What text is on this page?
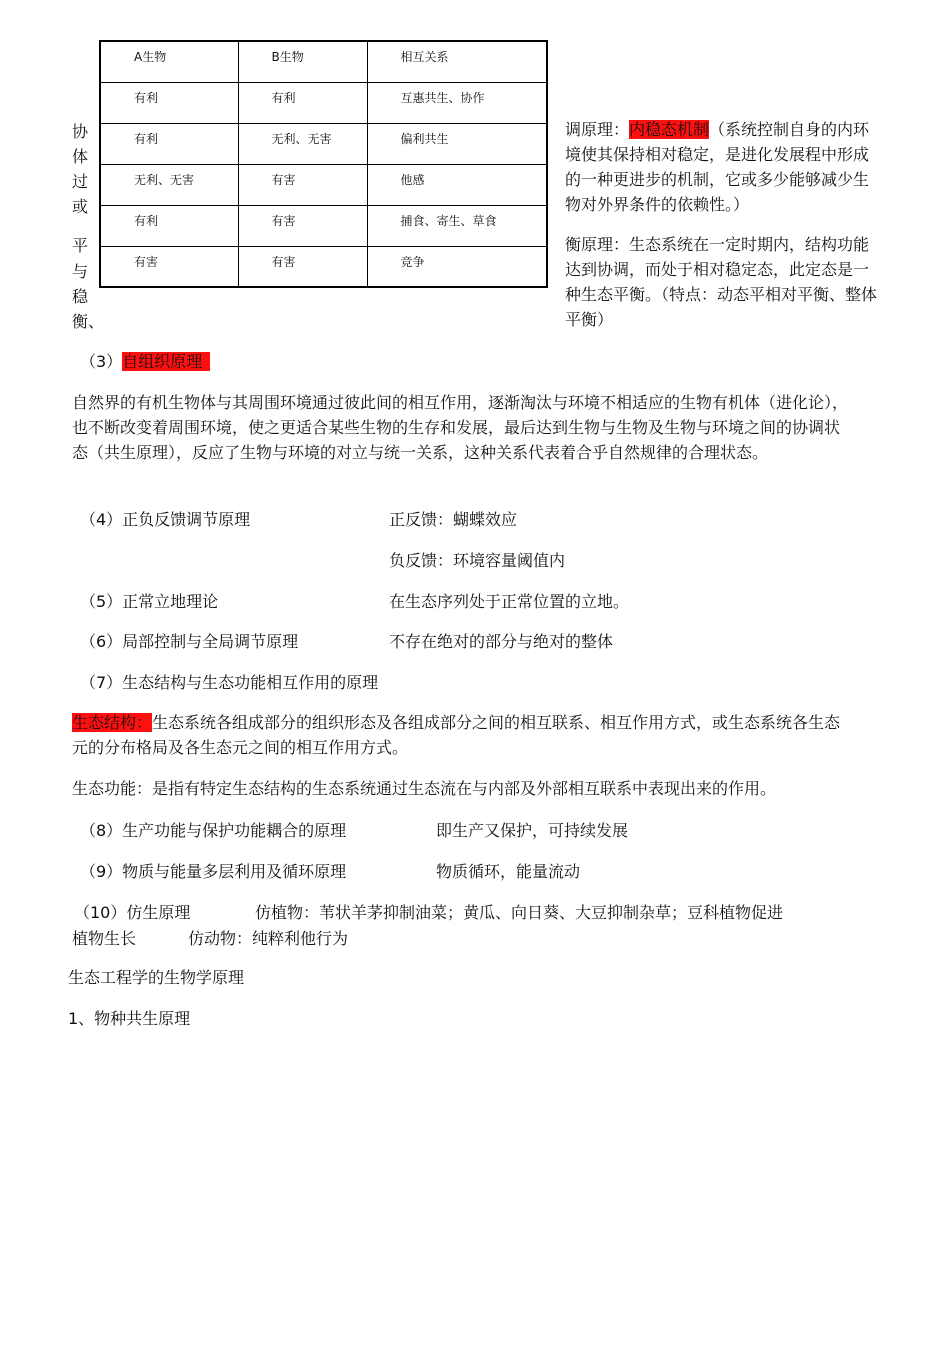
A生物	B生物	相互关系
有利	有利	互惠共生、协作
有利	无利、无害	偏利共生
无利、无害	有害	他感
有利	有害	捕食、寄生、草食
有害	有害	竞争
协
体
过
或
平
与
稳
衡、
调原理：内稳态机制（系统控制自身的内环境使其保持相对稳定，是进化发展程中形成的一种更进步的机制，它或多少能够减少生物对外界条件的依赖性。）
衡原理：生态系统在一定时期内，结构功能达到协调，而处于相对稳定态，此定态是一种生态平衡。（特点：动态平相对平衡、整体平衡）
（3）自组织原理
自然界的有机生物体与其周围环境通过彼此间的相互作用，逐渐淘汰与环境不相适应的生物有机体（进化论），也不断改变着周围环境，使之更适合某些生物的生存和发展，最后达到生物与生物及生物与环境之间的协调状态（共生原理），反应了生物与环境的对立与统一关系，这种关系代表着合乎自然规律的合理状态。
（4）正负反馈调节原理	正反馈：蝴蝶效应
负反馈：环境容量阈值内
（5）正常立地理论	在生态序列处于正常位置的立地。
（6）局部控制与全局调节原理	不存在绝对的部分与绝对的整体
（7）生态结构与生态功能相互作用的原理
生态结构：生态系统各组成部分的组织形态及各组成部分之间的相互联系、相互作用方式，或生态系统各生态元的分布格局及各生态元之间的相互作用方式。
生态功能：是指有特定生态结构的生态系统通过生态流在与内部及外部相互联系中表现出来的作用。
（8）生产功能与保护功能耦合的原理	即生产又保护，可持续发展
（9）物质与能量多层利用及循环原理	物质循环，能量流动
（10）仿生原理	仿植物：苇状羊茅抑制油菜；黄瓜、向日葵、大豆抑制杂草；豆科植物促进
植物生长	仿动物：纯粹利他行为
生态工程学的生物学原理
1、物种共生原理
